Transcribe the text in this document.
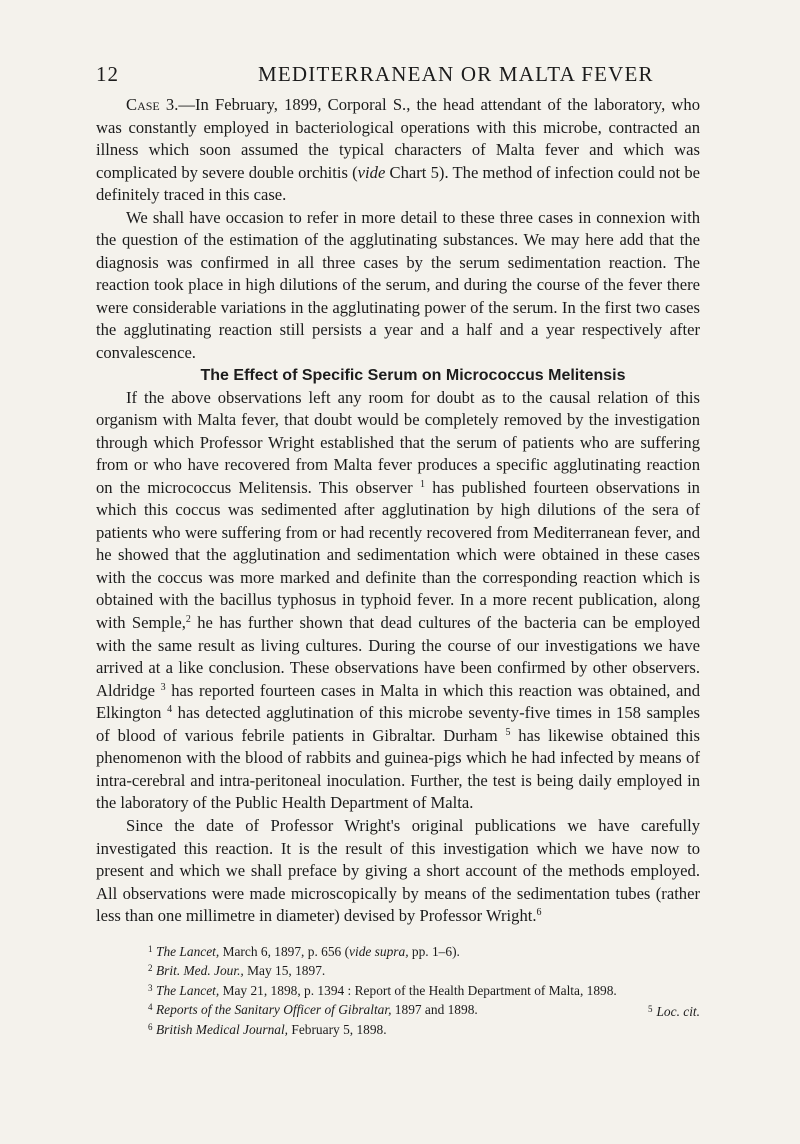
12	MEDITERRANEAN OR MALTA FEVER

Case 3.—In February, 1899, Corporal S., the head attendant of the laboratory, who was constantly employed in bacteriological operations with this microbe, contracted an illness which soon assumed the typical characters of Malta fever and which was complicated by severe double orchitis (vide Chart 5). The method of infection could not be definitely traced in this case.

We shall have occasion to refer in more detail to these three cases in connexion with the question of the estimation of the agglutinating substances. We may here add that the diagnosis was confirmed in all three cases by the serum sedimentation reaction. The reaction took place in high dilutions of the serum, and during the course of the fever there were considerable variations in the agglutinating power of the serum. In the first two cases the agglutinating reaction still persists a year and a half and a year respectively after convalescence.

The Effect of Specific Serum on Micrococcus Melitensis

If the above observations left any room for doubt as to the causal relation of this organism with Malta fever, that doubt would be completely removed by the investigation through which Professor Wright established that the serum of patients who are suffering from or who have recovered from Malta fever produces a specific agglutinating reaction on the micrococcus Melitensis. This observer $^1$ has published fourteen observations in which this coccus was sedimented after agglutination by high dilutions of the sera of patients who were suffering from or had recently recovered from Mediterranean fever, and he showed that the agglutination and sedimentation which were obtained in these cases with the coccus was more marked and definite than the corresponding reaction which is obtained with the bacillus typhosus in typhoid fever. In a more recent publication, along with Semple,$^2$ he has further shown that dead cultures of the bacteria can be employed with the same result as living cultures. During the course of our investigations we have arrived at a like conclusion. These observations have been confirmed by other observers. Aldridge $^3$ has reported fourteen cases in Malta in which this reaction was obtained, and Elkington $^4$ has detected agglutination of this microbe seventy-five times in 158 samples of blood of various febrile patients in Gibraltar. Durham $^5$ has likewise obtained this phenomenon with the blood of rabbits and guinea-pigs which he had infected by means of intra-cerebral and intra-peritoneal inoculation. Further, the test is being daily employed in the laboratory of the Public Health Department of Malta.

Since the date of Professor Wright's original publications we have carefully investigated this reaction. It is the result of this investigation which we have now to present and which we shall preface by giving a short account of the methods employed. All observations were made microscopically by means of the sedimentation tubes (rather less than one millimetre in diameter) devised by Professor Wright.$^6$

1 The Lancet, March 6, 1897, p. 656 (vide supra, pp. 1–6).

2 Brit. Med. Jour., May 15, 1897.

3 The Lancet, May 21, 1898, p. 1394 : Report of the Health Department of Malta, 1898.

4 Reports of the Sanitary Officer of Gibraltar, 1897 and 1898.	$^5$ Loc. cit.

6 British Medical Journal, February 5, 1898.
